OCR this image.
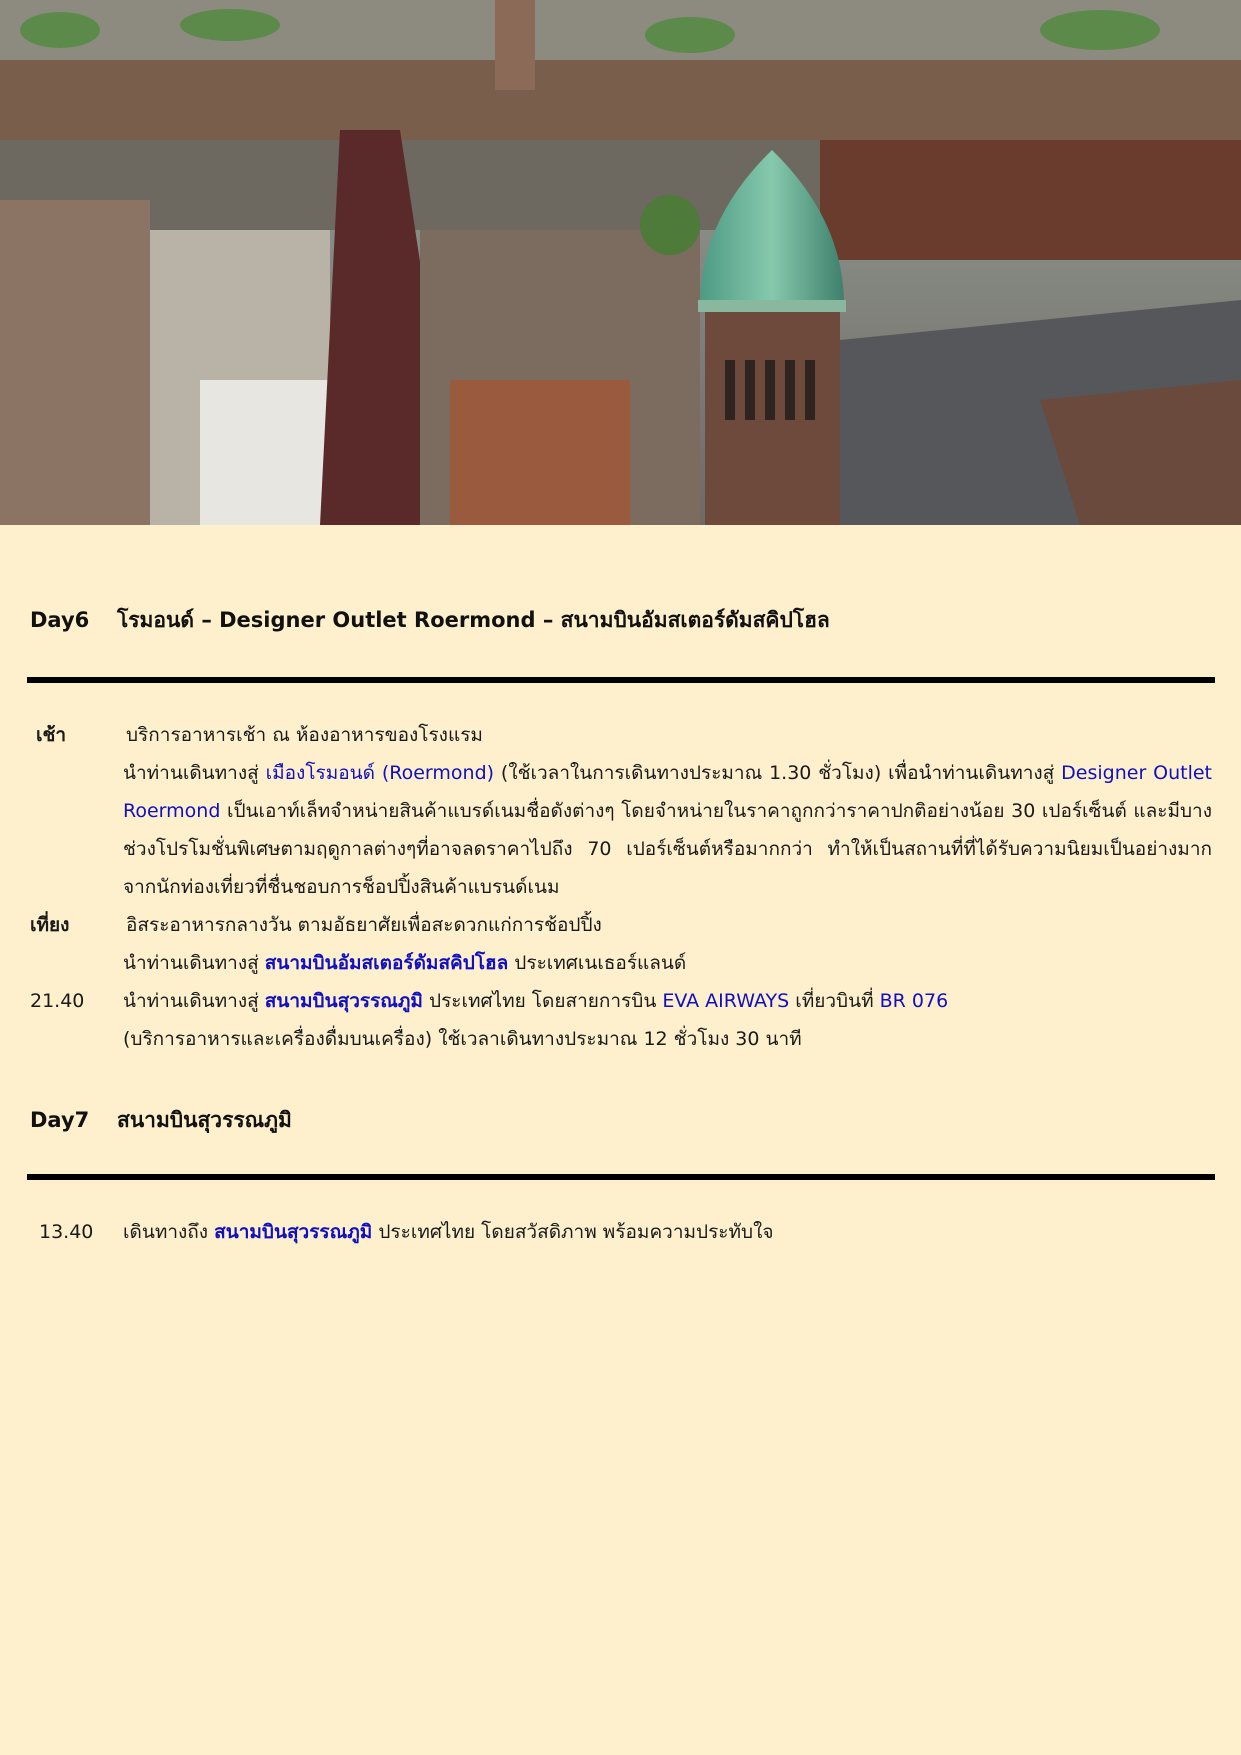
Day6 โรมอนด์ – Designer Outlet Roermond – สนามบินอัมสเตอร์ดัมสคิปโฮล
เช้า	บริการอาหารเช้า ณ ห้องอาหารของโรงแรม
นำท่านเดินทางสู่ เมืองโรมอนด์ (Roermond) (ใช้เวลาในการเดินทางประมาณ 1.30 ชั่วโมง) เพื่อนำท่านเดินทางสู่ Designer Outlet Roermond เป็นเอาท์เล็ทจำหน่ายสินค้าแบรด์เนมชื่อดังต่างๆ โดยจำหน่ายในราคาถูกกว่าราคาปกติอย่างน้อย 30 เปอร์เซ็นต์ และมีบางช่วงโปรโมชั่นพิเศษตามฤดูกาลต่างๆที่อาจลดราคาไปถึง 70 เปอร์เซ็นต์หรือมากกว่า ทำให้เป็นสถานที่ที่ได้รับความนิยมเป็นอย่างมากจากนักท่องเที่ยวที่ชื่นชอบการช็อปปิ้งสินค้าแบรนด์เนม
เที่ยง	อิสระอาหารกลางวัน ตามอัธยาศัยเพื่อสะดวกแก่การช้อปปิ้ง
นำท่านเดินทางสู่ สนามบินอัมสเตอร์ดัมสคิปโฮล ประเทศเนเธอร์แลนด์
21.40 นำท่านเดินทางสู่ สนามบินสุวรรณภูมิ ประเทศไทย โดยสายการบิน EVA AIRWAYS เที่ยวบินที่ BR 076
(บริการอาหารและเครื่องดื่มบนเครื่อง) ใช้เวลาเดินทางประมาณ 12 ชั่วโมง 30 นาที
Day7 สนามบินสุวรรณภูมิ
13.40 เดินทางถึง สนามบินสุวรรณภูมิ ประเทศไทย โดยสวัสดิภาพ พร้อมความประทับใจ
